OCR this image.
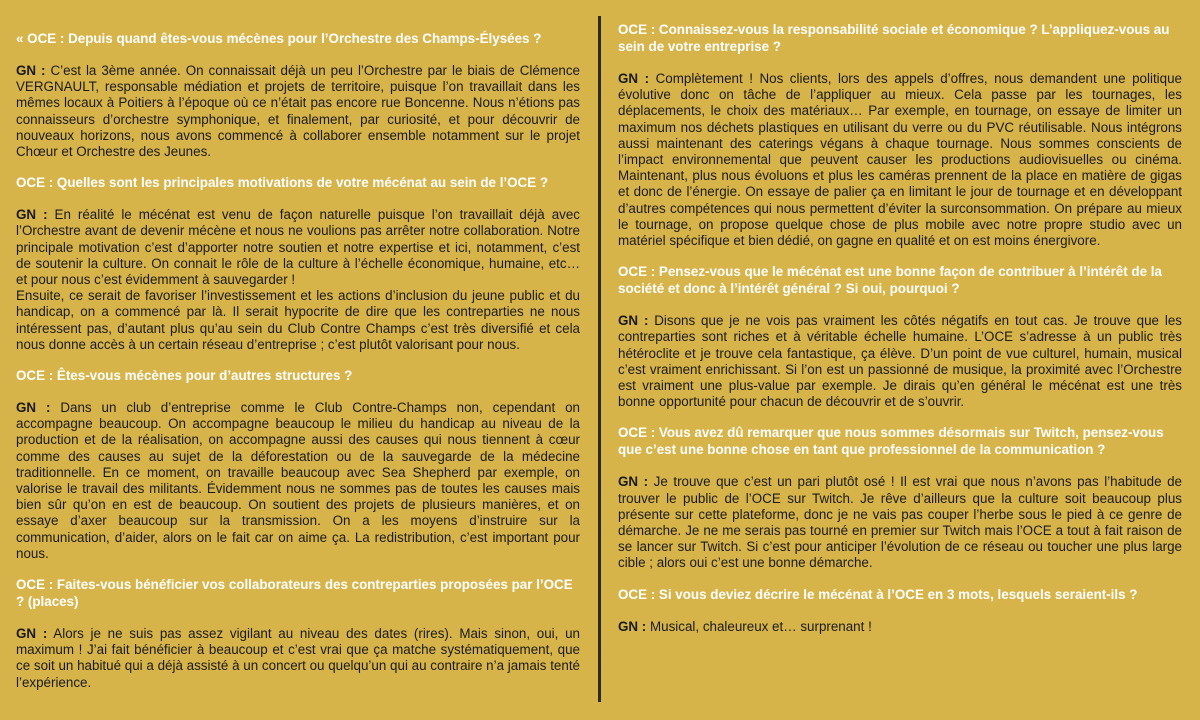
« OCE : Depuis quand êtes-vous mécènes pour l’Orchestre des Champs-Élysées ?
GN : C’est la 3ème année. On connaissait déjà un peu l’Orchestre par le biais de Clémence VERGNAULT, responsable médiation et projets de territoire, puisque l’on travaillait dans les mêmes locaux à Poitiers à l’époque où ce n’était pas encore rue Boncenne. Nous n’étions pas connaisseurs d’orchestre symphonique, et finalement, par curiosité, et pour découvrir de nouveaux horizons, nous avons commencé à collaborer ensemble notamment sur le projet Chœur et Orchestre des Jeunes.
OCE : Quelles sont les principales motivations de votre mécénat au sein de l’OCE ?
GN : En réalité le mécénat est venu de façon naturelle puisque l’on travaillait déjà avec l’Orchestre avant de devenir mécène et nous ne voulions pas arrêter notre collaboration. Notre principale motivation c’est d’apporter notre soutien et notre expertise et ici, notamment, c’est de soutenir la culture. On connait le rôle de la culture à l’échelle économique, humaine, etc… et pour nous c’est évidemment à sauvegarder !
Ensuite, ce serait de favoriser l’investissement et les actions d’inclusion du jeune public et du handicap, on a commencé par là. Il serait hypocrite de dire que les contreparties ne nous intéressent pas, d’autant plus qu’au sein du Club Contre Champs c’est très diversifié et cela nous donne accès à un certain réseau d’entreprise ; c’est plutôt valorisant pour nous.
OCE : Êtes-vous mécènes pour d’autres structures ?
GN : Dans un club d’entreprise comme le Club Contre-Champs non, cependant on accompagne beaucoup. On accompagne beaucoup le milieu du handicap au niveau de la production et de la réalisation, on accompagne aussi des causes qui nous tiennent à cœur comme des causes au sujet de la déforestation ou de la sauvegarde de la médecine traditionnelle. En ce moment, on travaille beaucoup avec Sea Shepherd par exemple, on valorise le travail des militants. Évidemment nous ne sommes pas de toutes les causes mais bien sûr qu’on en est de beaucoup. On soutient des projets de plusieurs manières, et on essaye d’axer beaucoup sur la transmission. On a les moyens d’instruire sur la communication, d’aider, alors on le fait car on aime ça. La redistribution, c’est important pour nous.
OCE : Faites-vous bénéficier vos collaborateurs des contreparties proposées par l’OCE ? (places)
GN : Alors je ne suis pas assez vigilant au niveau des dates (rires). Mais sinon, oui, un maximum ! J’ai fait bénéficier à beaucoup et c’est vrai que ça matche systématiquement, que ce soit un habitué qui a déjà assisté à un concert ou quelqu’un qui au contraire n’a jamais tenté l’expérience.
OCE : Connaissez-vous la responsabilité sociale et économique ? L’appliquez-vous au sein de votre entreprise ?
GN : Complètement ! Nos clients, lors des appels d’offres, nous demandent une politique évolutive donc on tâche de l’appliquer au mieux. Cela passe par les tournages, les déplacements, le choix des matériaux… Par exemple, en tournage, on essaye de limiter un maximum nos déchets plastiques en utilisant du verre ou du PVC réutilisable. Nous intégrons aussi maintenant des caterings végans à chaque tournage. Nous sommes conscients de l’impact environnemental que peuvent causer les productions audiovisuelles ou cinéma. Maintenant, plus nous évoluons et plus les caméras prennent de la place en matière de gigas et donc de l’énergie. On essaye de palier ça en limitant le jour de tournage et en développant d’autres compétences qui nous permettent d’éviter la surconsommation. On prépare au mieux le tournage, on propose quelque chose de plus mobile avec notre propre studio avec un matériel spécifique et bien dédié, on gagne en qualité et on est moins énergivore.
OCE : Pensez-vous que le mécénat est une bonne façon de contribuer à l’intérêt de la société et donc à l’intérêt général ? Si oui, pourquoi ?
GN : Disons que je ne vois pas vraiment les côtés négatifs en tout cas. Je trouve que les contreparties sont riches et à véritable échelle humaine. L’OCE s’adresse à un public très hétéroclite et je trouve cela fantastique, ça élève. D’un point de vue culturel, humain, musical c’est vraiment enrichissant. Si l’on est un passionné de musique, la proximité avec l’Orchestre est vraiment une plus-value par exemple. Je dirais qu’en général le mécénat est une très bonne opportunité pour chacun de découvrir et de s’ouvrir.
OCE : Vous avez dû remarquer que nous sommes désormais sur Twitch, pensez-vous que c’est une bonne chose en tant que professionnel de la communication ?
GN : Je trouve que c’est un pari plutôt osé ! Il est vrai que nous n’avons pas l’habitude de trouver le public de l’OCE sur Twitch. Je rêve d’ailleurs que la culture soit beaucoup plus présente sur cette plateforme, donc je ne vais pas couper l’herbe sous le pied à ce genre de démarche. Je ne me serais pas tourné en premier sur Twitch mais l’OCE a tout à fait raison de se lancer sur Twitch. Si c’est pour anticiper l’évolution de ce réseau ou toucher une plus large cible ; alors oui c’est une bonne démarche.
OCE : Si vous deviez décrire le mécénat à l’OCE en 3 mots, lesquels seraient-ils ?
GN : Musical, chaleureux et… surprenant !
